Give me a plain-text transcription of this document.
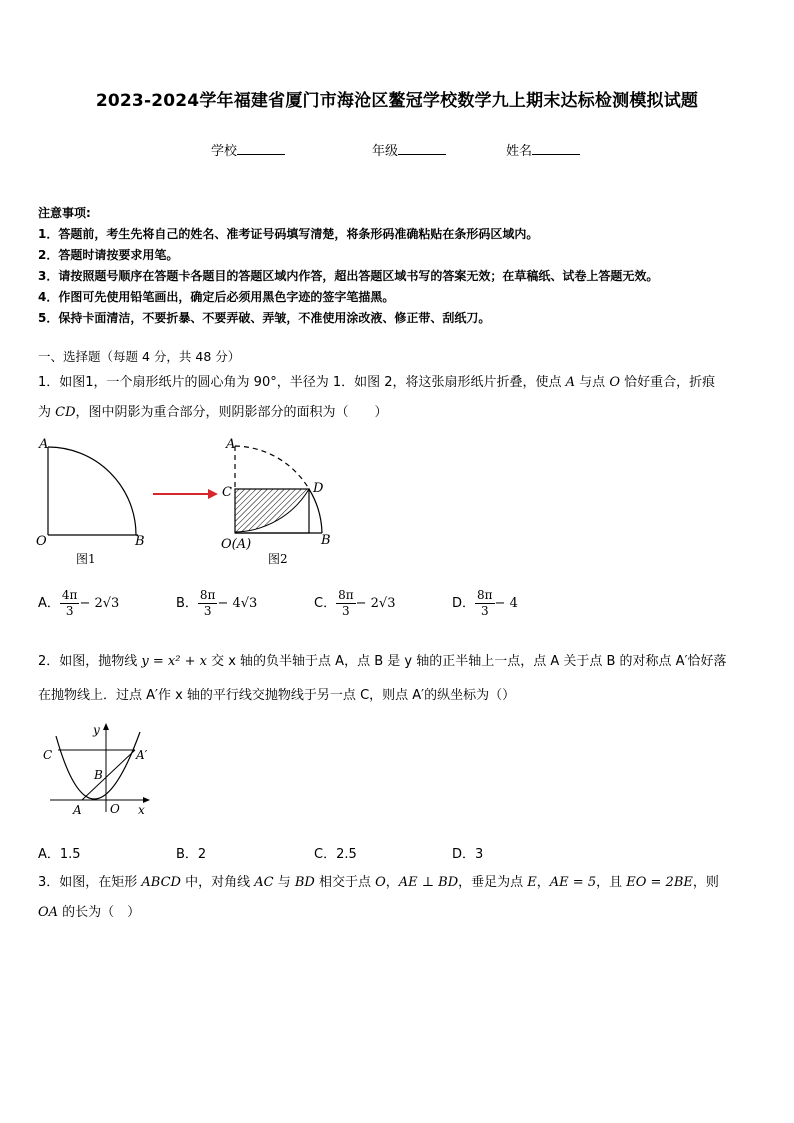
2023-2024学年福建省厦门市海沧区鳌冠学校数学九上期末达标检测模拟试题
学校	年级	姓名
注意事项:
1．答题前，考生先将自己的姓名、准考证号码填写清楚，将条形码准确粘贴在条形码区域内。
2．答题时请按要求用笔。
3．请按照题号顺序在答题卡各题目的答题区域内作答，超出答题区域书写的答案无效；在草稿纸、试卷上答题无效。
4．作图可先使用铅笔画出，确定后必须用黑色字迹的签字笔描黑。
5．保持卡面清洁，不要折暴、不要弄破、弄皱，不准使用涂改液、修正带、刮纸刀。
一、选择题（每题 4 分，共 48 分）
1．如图1，一个扇形纸片的圆心角为 90°，半径为 1．如图 2，将这张扇形纸片折叠，使点 A 与点 O 恰好重合，折痕
为 CD，图中阴影为重合部分，则阴影部分的面积为（　　）
A
O	B
图1
A
C	D
O(A)	B
图2
A． $\frac{4\pi}{3} - 2√3$	B． $\frac{8\pi}{3} - 4√3$	C． $\frac{8\pi}{3} - 2√3$	D． $\frac{8\pi}{3} - 4$
2．如图，抛物线 y = x² + x 交 x 轴的负半轴于点 A，点 B 是 y 轴的正半轴上一点，点 A 关于点 B 的对称点 A′恰好落
在抛物线上．过点 A′作 x 轴的平行线交抛物线于另一点 C，则点 A′的纵坐标为（）
y
C	A′
B
A O x
A．1.5	B．2	C．2.5	D．3
3．如图，在矩形 ABCD 中，对角线 AC 与 BD 相交于点 O，AE ⊥ BD，垂足为点 E，AE = 5，且 EO = 2BE，则
OA 的长为（　）
